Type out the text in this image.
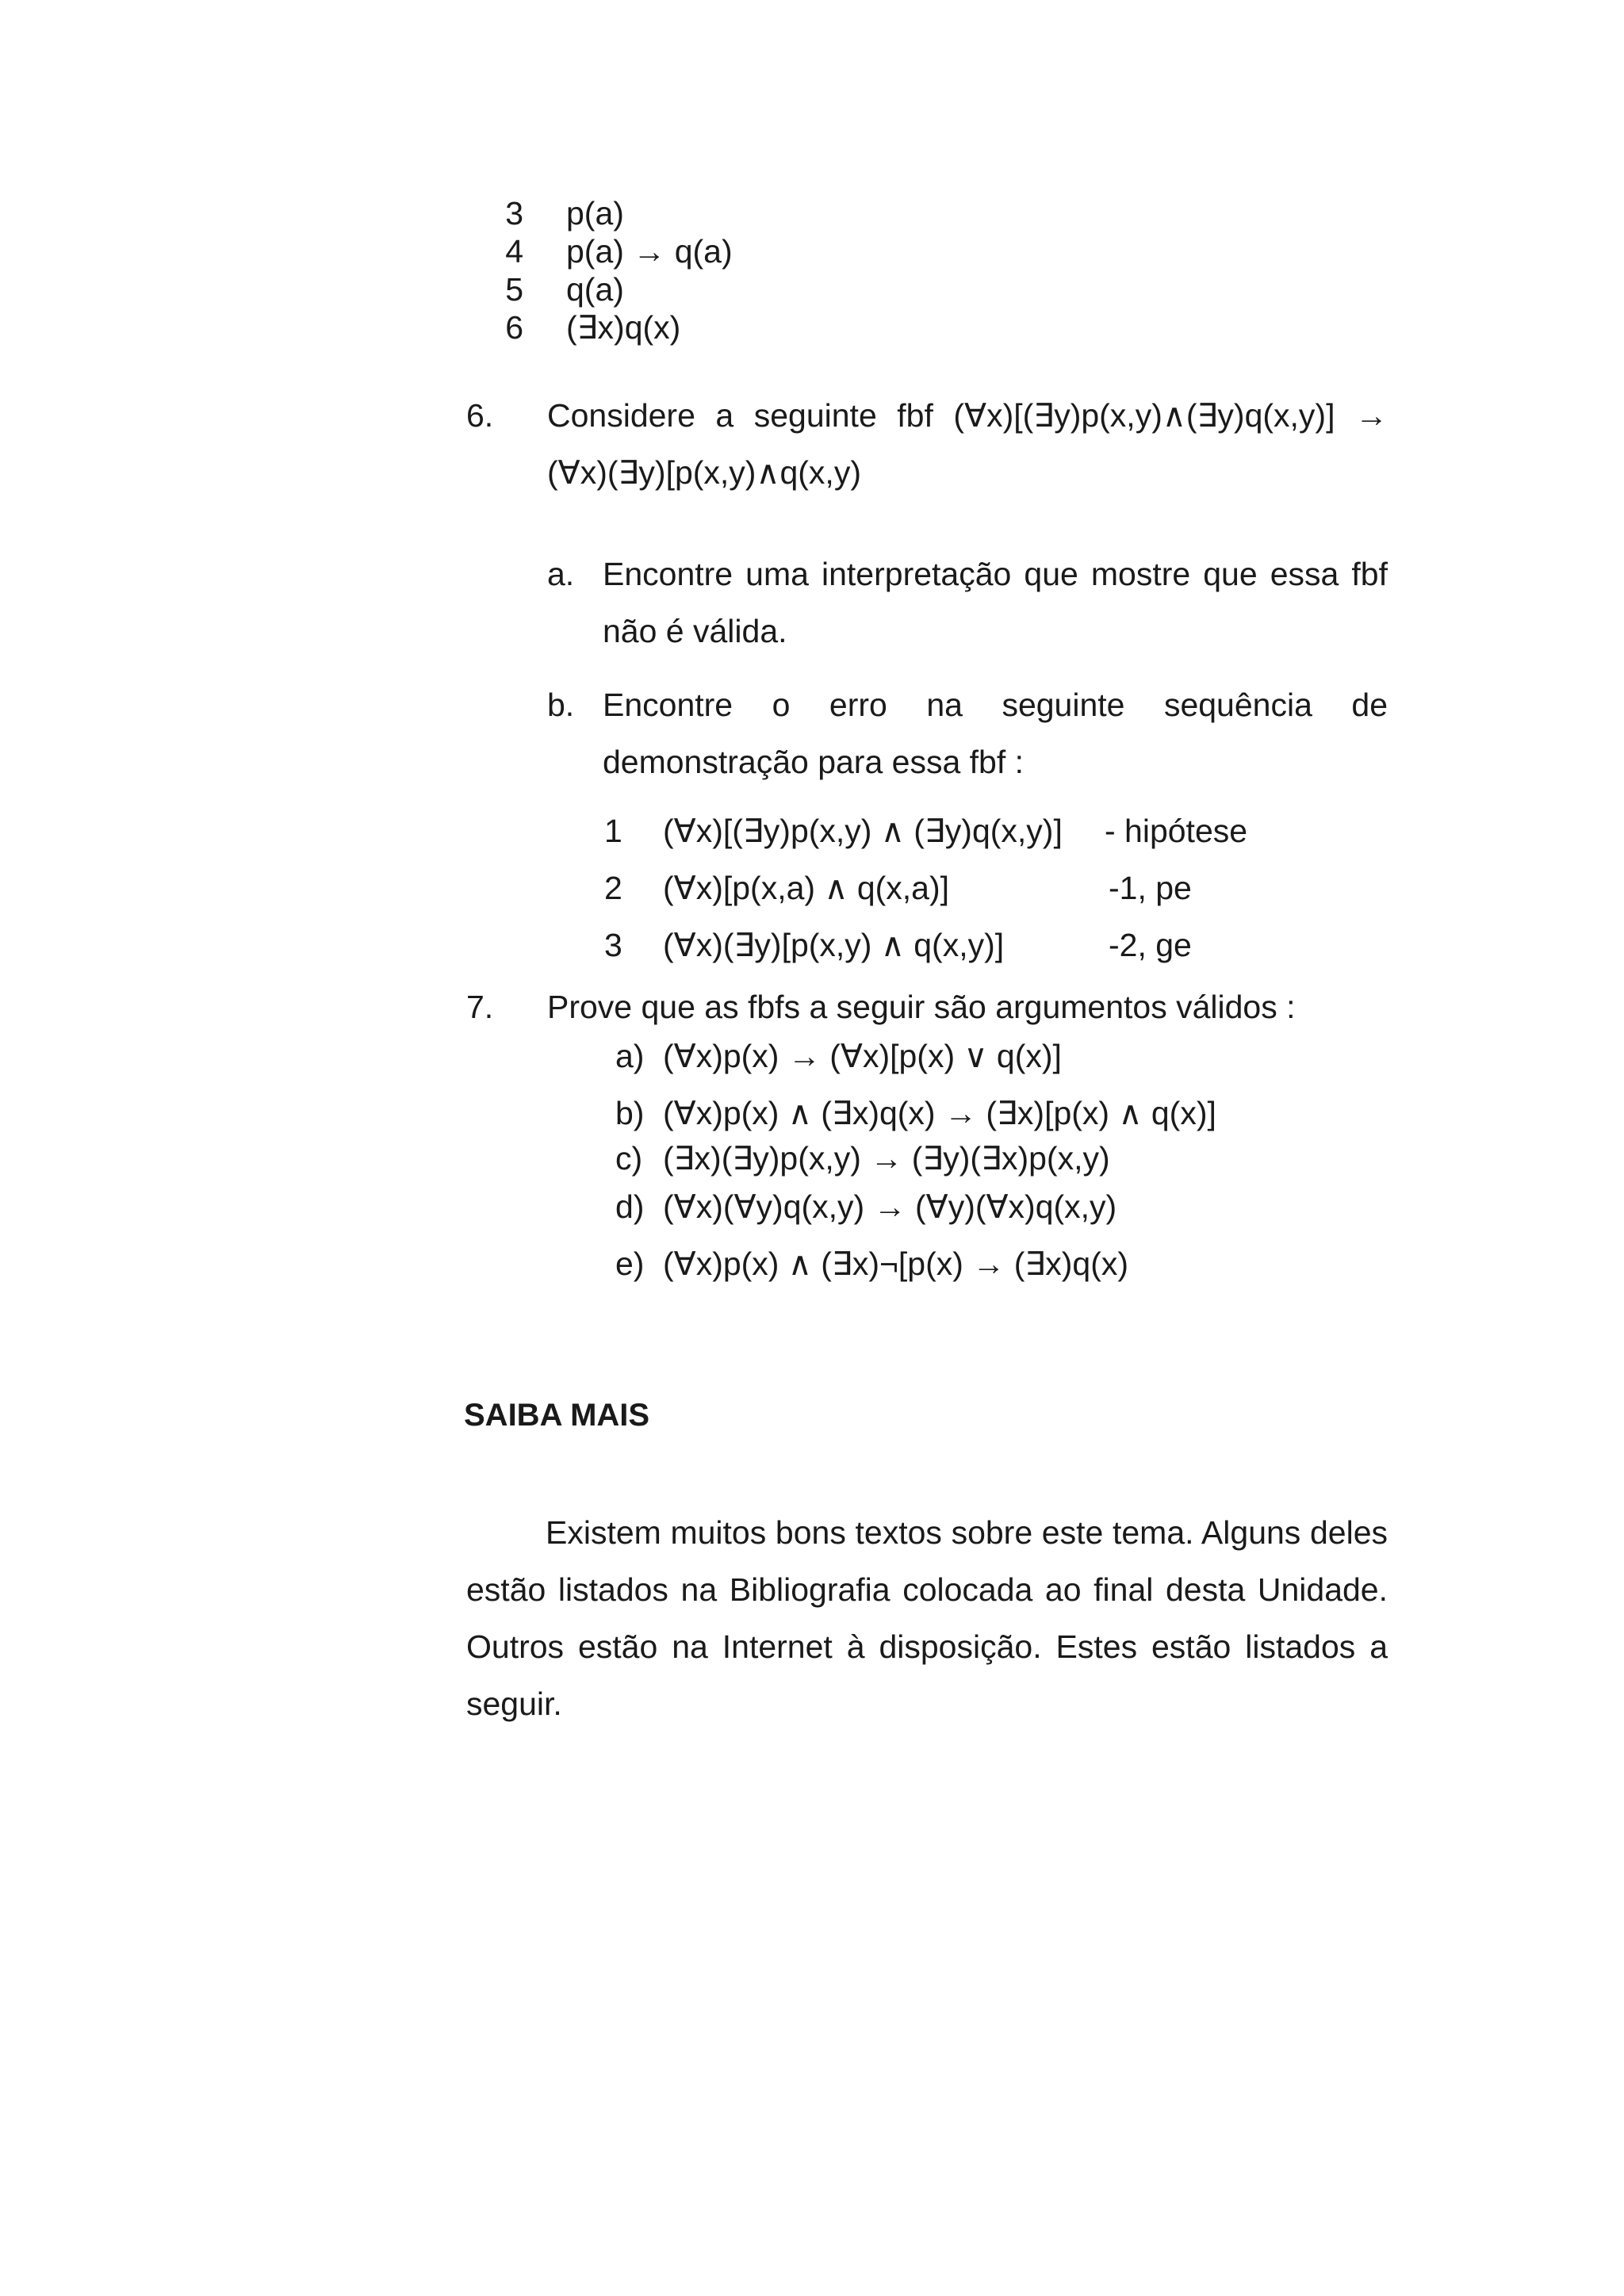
3 p(a)
4 p(a) → q(a)
5 q(a)
6 (∃x)q(x)
6. Considere a seguinte fbf (∀x)[(∃y)p(x,y)∧(∃y)q(x,y)] → (∀x)(∃y)[p(x,y)∧q(x,y)
a. Encontre uma interpretação que mostre que essa fbf não é válida.
b. Encontre o erro na seguinte sequência de demonstração para essa fbf :
1 (∀x)[(∃y)p(x,y) ∧ (∃y)q(x,y)] - hipótese
2 (∀x)[p(x,a) ∧ q(x,a)]	-1, pe
3 (∀x)(∃y)[p(x,y) ∧ q(x,y)]	-2, ge
7. Prove que as fbfs a seguir são argumentos válidos :
a) (∀x)p(x) → (∀x)[p(x) ∨ q(x)]
b) (∀x)p(x) ∧ (∃x)q(x) → (∃x)[p(x) ∧ q(x)]
c) (∃x)(∃y)p(x,y) → (∃y)(∃x)p(x,y)
d) (∀x)(∀y)q(x,y) → (∀y)(∀x)q(x,y)
e) (∀x)p(x) ∧ (∃x)¬[p(x) → (∃x)q(x)
SAIBA MAIS
Existem muitos bons textos sobre este tema. Alguns deles estão listados na Bibliografia colocada ao final desta Unidade. Outros estão na Internet à disposição. Estes estão listados a seguir.
